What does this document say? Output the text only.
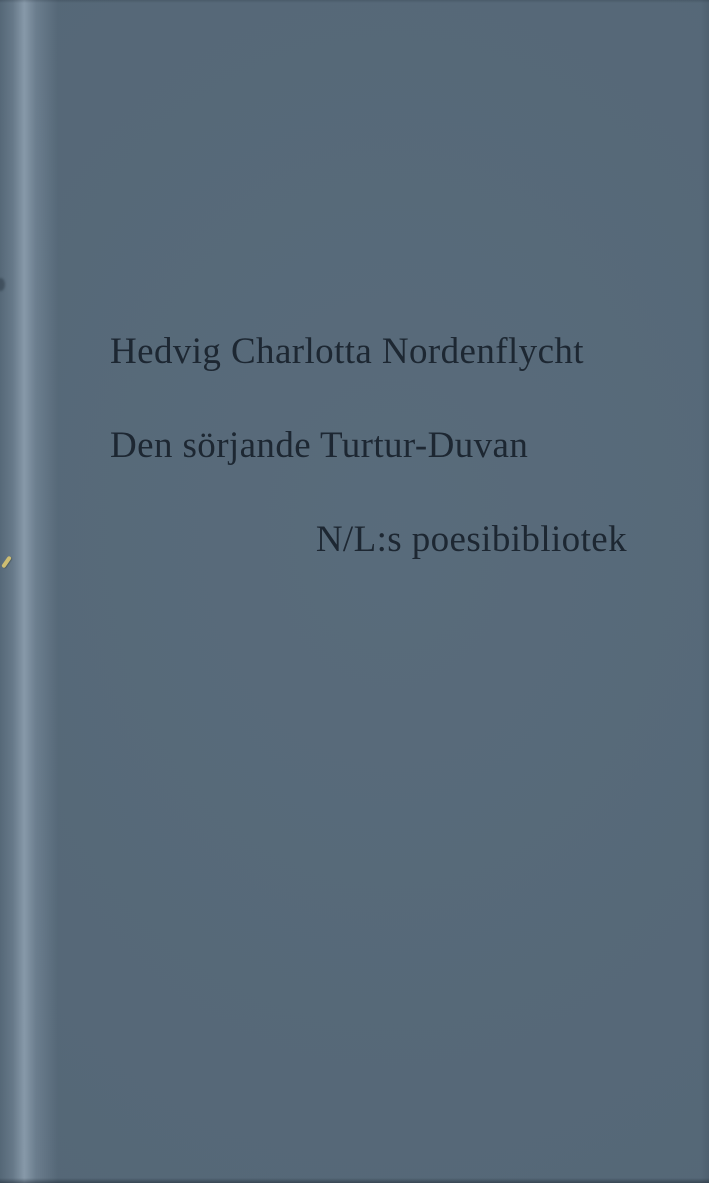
Hedvig Charlotta Nordenflycht
Den sörjande Turtur-Duvan
N/L:s poesibibliotek
